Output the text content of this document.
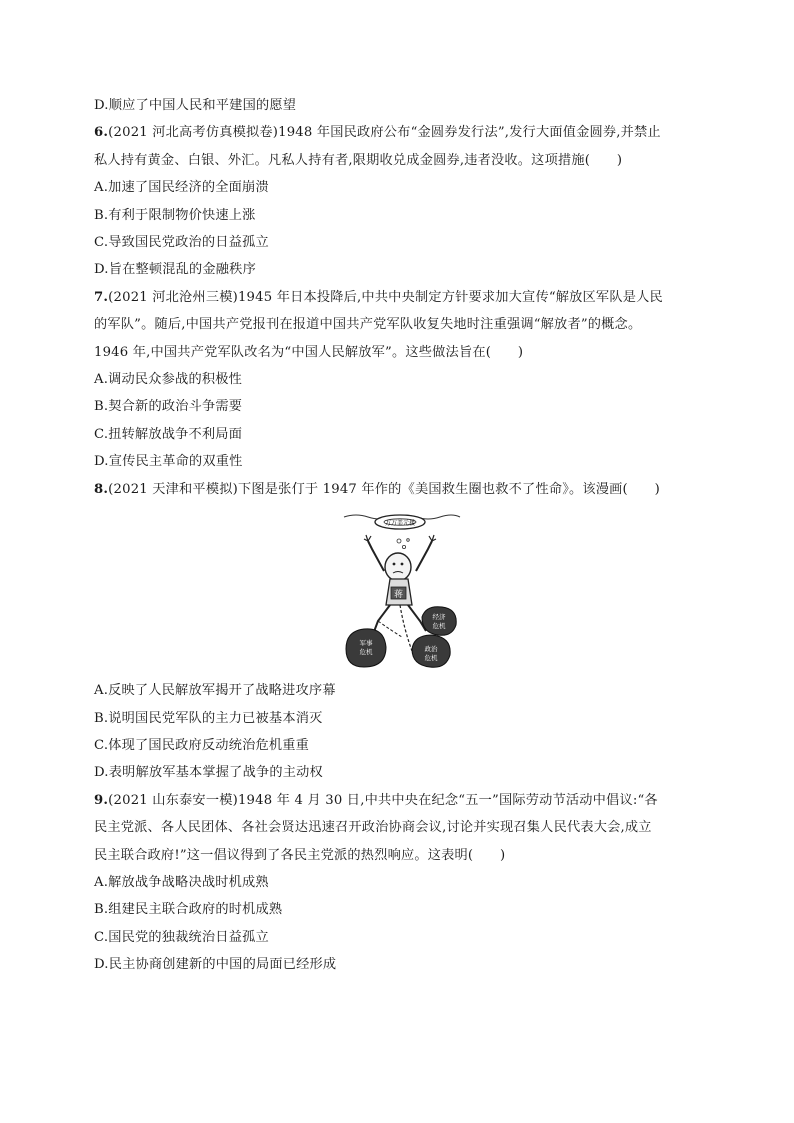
D.顺应了中国人民和平建国的愿望
6.(2021 河北高考仿真模拟卷)1948 年国民政府公布“金圆券发行法”,发行大面值金圆券,并禁止
私人持有黄金、白银、外汇。凡私人持有者,限期收兑成金圆券,违者没收。这项措施(　　)
A.加速了国民经济的全面崩溃
B.有利于限制物价快速上涨
C.导致国民党政治的日益孤立
D.旨在整顿混乱的金融秩序
7.(2021 河北沧州三模)1945 年日本投降后,中共中央制定方针要求加大宣传“解放区军队是人民
的军队”。随后,中国共产党报刊在报道中国共产党军队收复失地时注重强调“解放者”的概念。
1946 年,中国共产党军队改名为“中国人民解放军”。这些做法旨在(　　)
A.调动民众参战的积极性
B.契合新的政治斗争需要
C.扭转解放战争不利局面
D.宣传民主革命的双重性
8.(2021 天津和平模拟)下图是张仃于 1947 年作的《美国救生圈也救不了性命》。该漫画(　　)
万万美元援
蒋
军事
危机
经济
危机
政治
危机
A.反映了人民解放军揭开了战略进攻序幕
B.说明国民党军队的主力已被基本消灭
C.体现了国民政府反动统治危机重重
D.表明解放军基本掌握了战争的主动权
9.(2021 山东泰安一模)1948 年 4 月 30 日,中共中央在纪念“五一”国际劳动节活动中倡议:“各
民主党派、各人民团体、各社会贤达迅速召开政治协商会议,讨论并实现召集人民代表大会,成立
民主联合政府!”这一倡议得到了各民主党派的热烈响应。这表明(　　)
A.解放战争战略决战时机成熟
B.组建民主联合政府的时机成熟
C.国民党的独裁统治日益孤立
D.民主协商创建新的中国的局面已经形成
